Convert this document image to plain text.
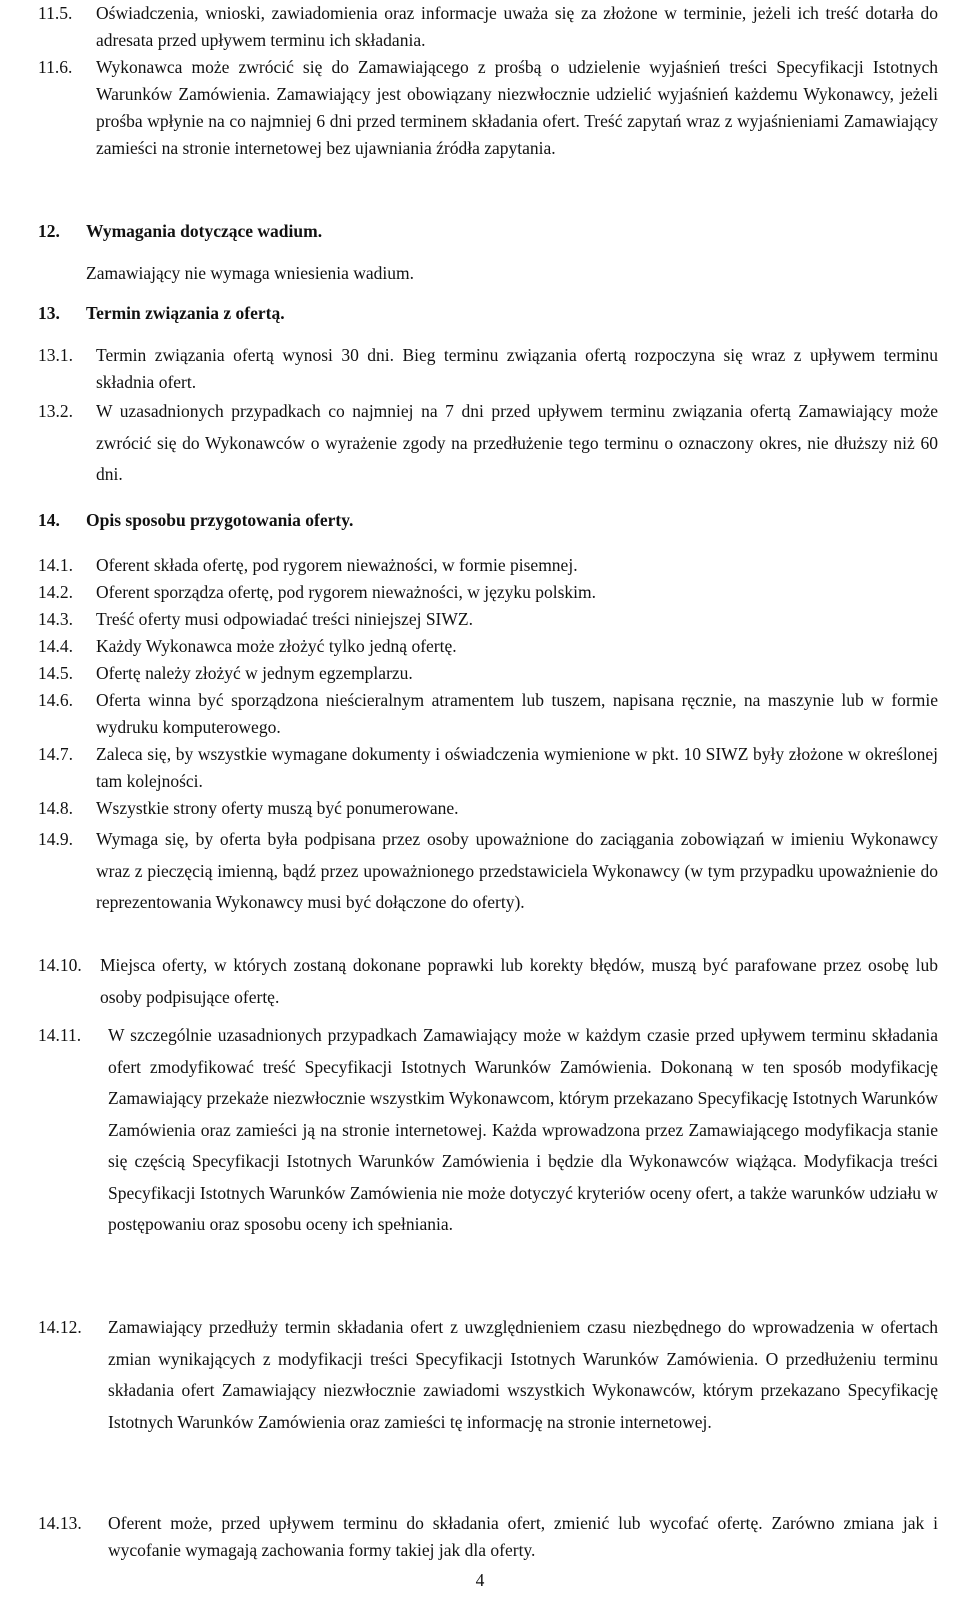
11.5.	Oświadczenia, wnioski, zawiadomienia oraz informacje uważa się za złożone w terminie, jeżeli ich treść dotarła do adresata przed upływem terminu ich składania.
11.6.	Wykonawca może zwrócić się do Zamawiającego z prośbą o udzielenie wyjaśnień treści Specyfikacji Istotnych Warunków Zamówienia. Zamawiający jest obowiązany niezwłocznie udzielić wyjaśnień każdemu Wykonawcy, jeżeli prośba wpłynie na co najmniej 6 dni przed terminem składania ofert. Treść zapytań wraz z wyjaśnieniami Zamawiający zamieści na stronie internetowej bez ujawniania źródła zapytania.
12.	Wymagania dotyczące wadium.
Zamawiający nie wymaga wniesienia wadium.
13.	Termin związania z ofertą.
13.1.	Termin związania ofertą wynosi 30 dni. Bieg terminu związania ofertą rozpoczyna się wraz z upływem terminu składnia ofert.
13.2.	W uzasadnionych przypadkach co najmniej na 7 dni przed upływem terminu związania ofertą Zamawiający może zwrócić się do Wykonawców o wyrażenie zgody na przedłużenie tego terminu o oznaczony okres, nie dłuższy niż 60 dni.
14.	Opis sposobu przygotowania oferty.
14.1.	Oferent składa ofertę, pod rygorem nieważności, w formie pisemnej.
14.2.	Oferent sporządza ofertę, pod rygorem nieważności, w języku polskim.
14.3.	Treść oferty musi odpowiadać treści niniejszej SIWZ.
14.4.	Każdy Wykonawca może złożyć tylko jedną ofertę.
14.5.	Ofertę należy złożyć w jednym egzemplarzu.
14.6.	Oferta winna być sporządzona nieścieralnym atramentem lub tuszem, napisana ręcznie, na maszynie lub w formie wydruku komputerowego.
14.7.	Zaleca się, by wszystkie wymagane dokumenty i oświadczenia wymienione w pkt. 10 SIWZ były złożone w określonej tam kolejności.
14.8.	Wszystkie strony oferty muszą być ponumerowane.
14.9.	Wymaga się, by oferta była podpisana przez osoby upoważnione do zaciągania zobowiązań w imieniu Wykonawcy wraz z pieczęcią imienną, bądź przez upoważnionego przedstawiciela Wykonawcy (w tym przypadku upoważnienie do reprezentowania Wykonawcy musi być dołączone do oferty).
14.10.	Miejsca oferty, w których zostaną dokonane poprawki lub korekty błędów, muszą być parafowane przez osobę lub osoby podpisujące ofertę.
14.11.	W szczególnie uzasadnionych przypadkach Zamawiający może w każdym czasie przed upływem terminu składania ofert zmodyfikować treść Specyfikacji Istotnych Warunków Zamówienia. Dokonaną w ten sposób modyfikację Zamawiający przekaże niezwłocznie wszystkim Wykonawcom, którym przekazano Specyfikację Istotnych Warunków Zamówienia oraz zamieści ją na stronie internetowej. Każda wprowadzona przez Zamawiającego modyfikacja stanie się częścią Specyfikacji Istotnych Warunków Zamówienia i będzie dla Wykonawców wiążąca. Modyfikacja treści Specyfikacji Istotnych Warunków Zamówienia nie może dotyczyć kryteriów oceny ofert, a także warunków udziału w postępowaniu oraz sposobu oceny ich spełniania.
14.12.	Zamawiający przedłuży termin składania ofert z uwzględnieniem czasu niezbędnego do wprowadzenia w ofertach zmian wynikających z modyfikacji treści Specyfikacji Istotnych Warunków Zamówienia. O przedłużeniu terminu składania ofert Zamawiający niezwłocznie zawiadomi wszystkich Wykonawców, którym przekazano Specyfikację Istotnych Warunków Zamówienia oraz zamieści tę informację na stronie internetowej.
14.13.	Oferent może, przed upływem terminu do składania ofert, zmienić lub wycofać ofertę. Zarówno zmiana jak i wycofanie wymagają zachowania formy takiej jak dla oferty.
4
